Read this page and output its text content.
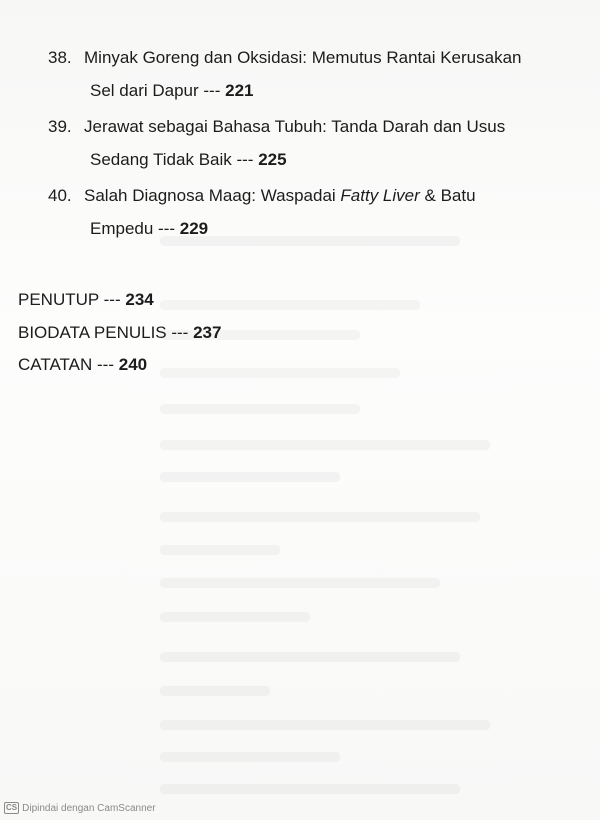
38. Minyak Goreng dan Oksidasi: Memutus Rantai Kerusakan
Sel dari Dapur --- 221
39. Jerawat sebagai Bahasa Tubuh: Tanda Darah dan Usus
Sedang Tidak Baik --- 225
40. Salah Diagnosa Maag: Waspadai Fatty Liver & Batu
Empedu --- 229
PENUTUP --- 234
BIODATA PENULIS --- 237
CATATAN --- 240
CS Dipindai dengan CamScanner
